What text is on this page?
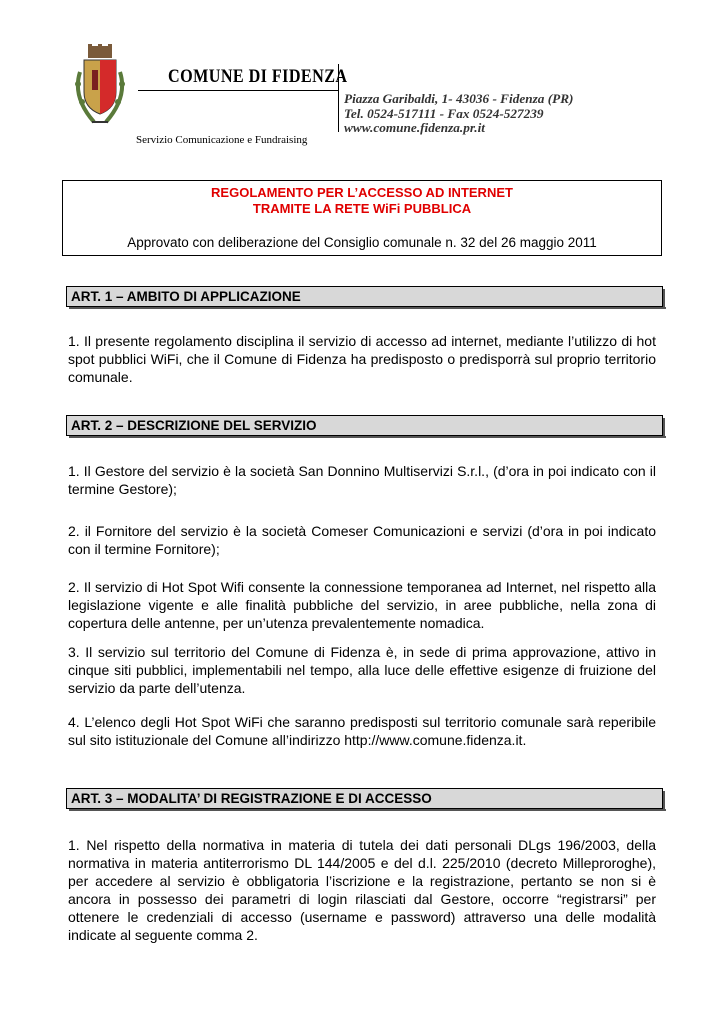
COMUNE DI FIDENZA
Piazza Garibaldi, 1- 43036 - Fidenza (PR)
Tel. 0524-517111 - Fax 0524-527239
www.comune.fidenza.pr.it
Servizio Comunicazione e Fundraising
REGOLAMENTO PER L’ACCESSO AD INTERNET
TRAMITE LA RETE WiFi PUBBLICA
Approvato con deliberazione del Consiglio comunale n. 32 del 26 maggio 2011
ART. 1 – AMBITO DI APPLICAZIONE

1. Il presente regolamento disciplina il servizio di accesso ad internet, mediante l’utilizzo di hot spot pubblici WiFi, che il Comune di Fidenza ha predisposto o predisporrà sul proprio territorio comunale.

ART. 2 – DESCRIZIONE DEL SERVIZIO

1. Il Gestore del servizio è la società San Donnino Multiservizi S.r.l., (d’ora in poi indicato con il termine Gestore);

2. il Fornitore del servizio è la società Comeser Comunicazioni e servizi (d’ora in poi indicato con il termine Fornitore);

2. Il servizio di Hot Spot Wifi consente la connessione temporanea ad Internet, nel rispetto alla legislazione vigente e alle finalità pubbliche del servizio, in aree pubbliche, nella zona di copertura delle antenne, per un’utenza prevalentemente nomadica.

3. Il servizio sul territorio del Comune di Fidenza è, in sede di prima approvazione, attivo in cinque siti pubblici, implementabili nel tempo, alla luce delle effettive esigenze di fruizione del servizio da parte dell’utenza.

4. L’elenco degli Hot Spot WiFi che saranno predisposti sul territorio comunale sarà reperibile sul sito istituzionale del Comune all’indirizzo http://www.comune.fidenza.it.

ART. 3 – MODALITA’ DI REGISTRAZIONE E DI ACCESSO

1. Nel rispetto della normativa in materia di tutela dei dati personali DLgs 196/2003, della normativa in materia antiterrorismo DL 144/2005 e del d.l. 225/2010 (decreto Milleproroghe), per accedere al servizio è obbligatoria l’iscrizione e la registrazione, pertanto se non si è ancora in possesso dei parametri di login rilasciati dal Gestore, occorre “registrarsi” per ottenere le credenziali di accesso (username e password) attraverso una delle modalità indicate al seguente comma 2.
